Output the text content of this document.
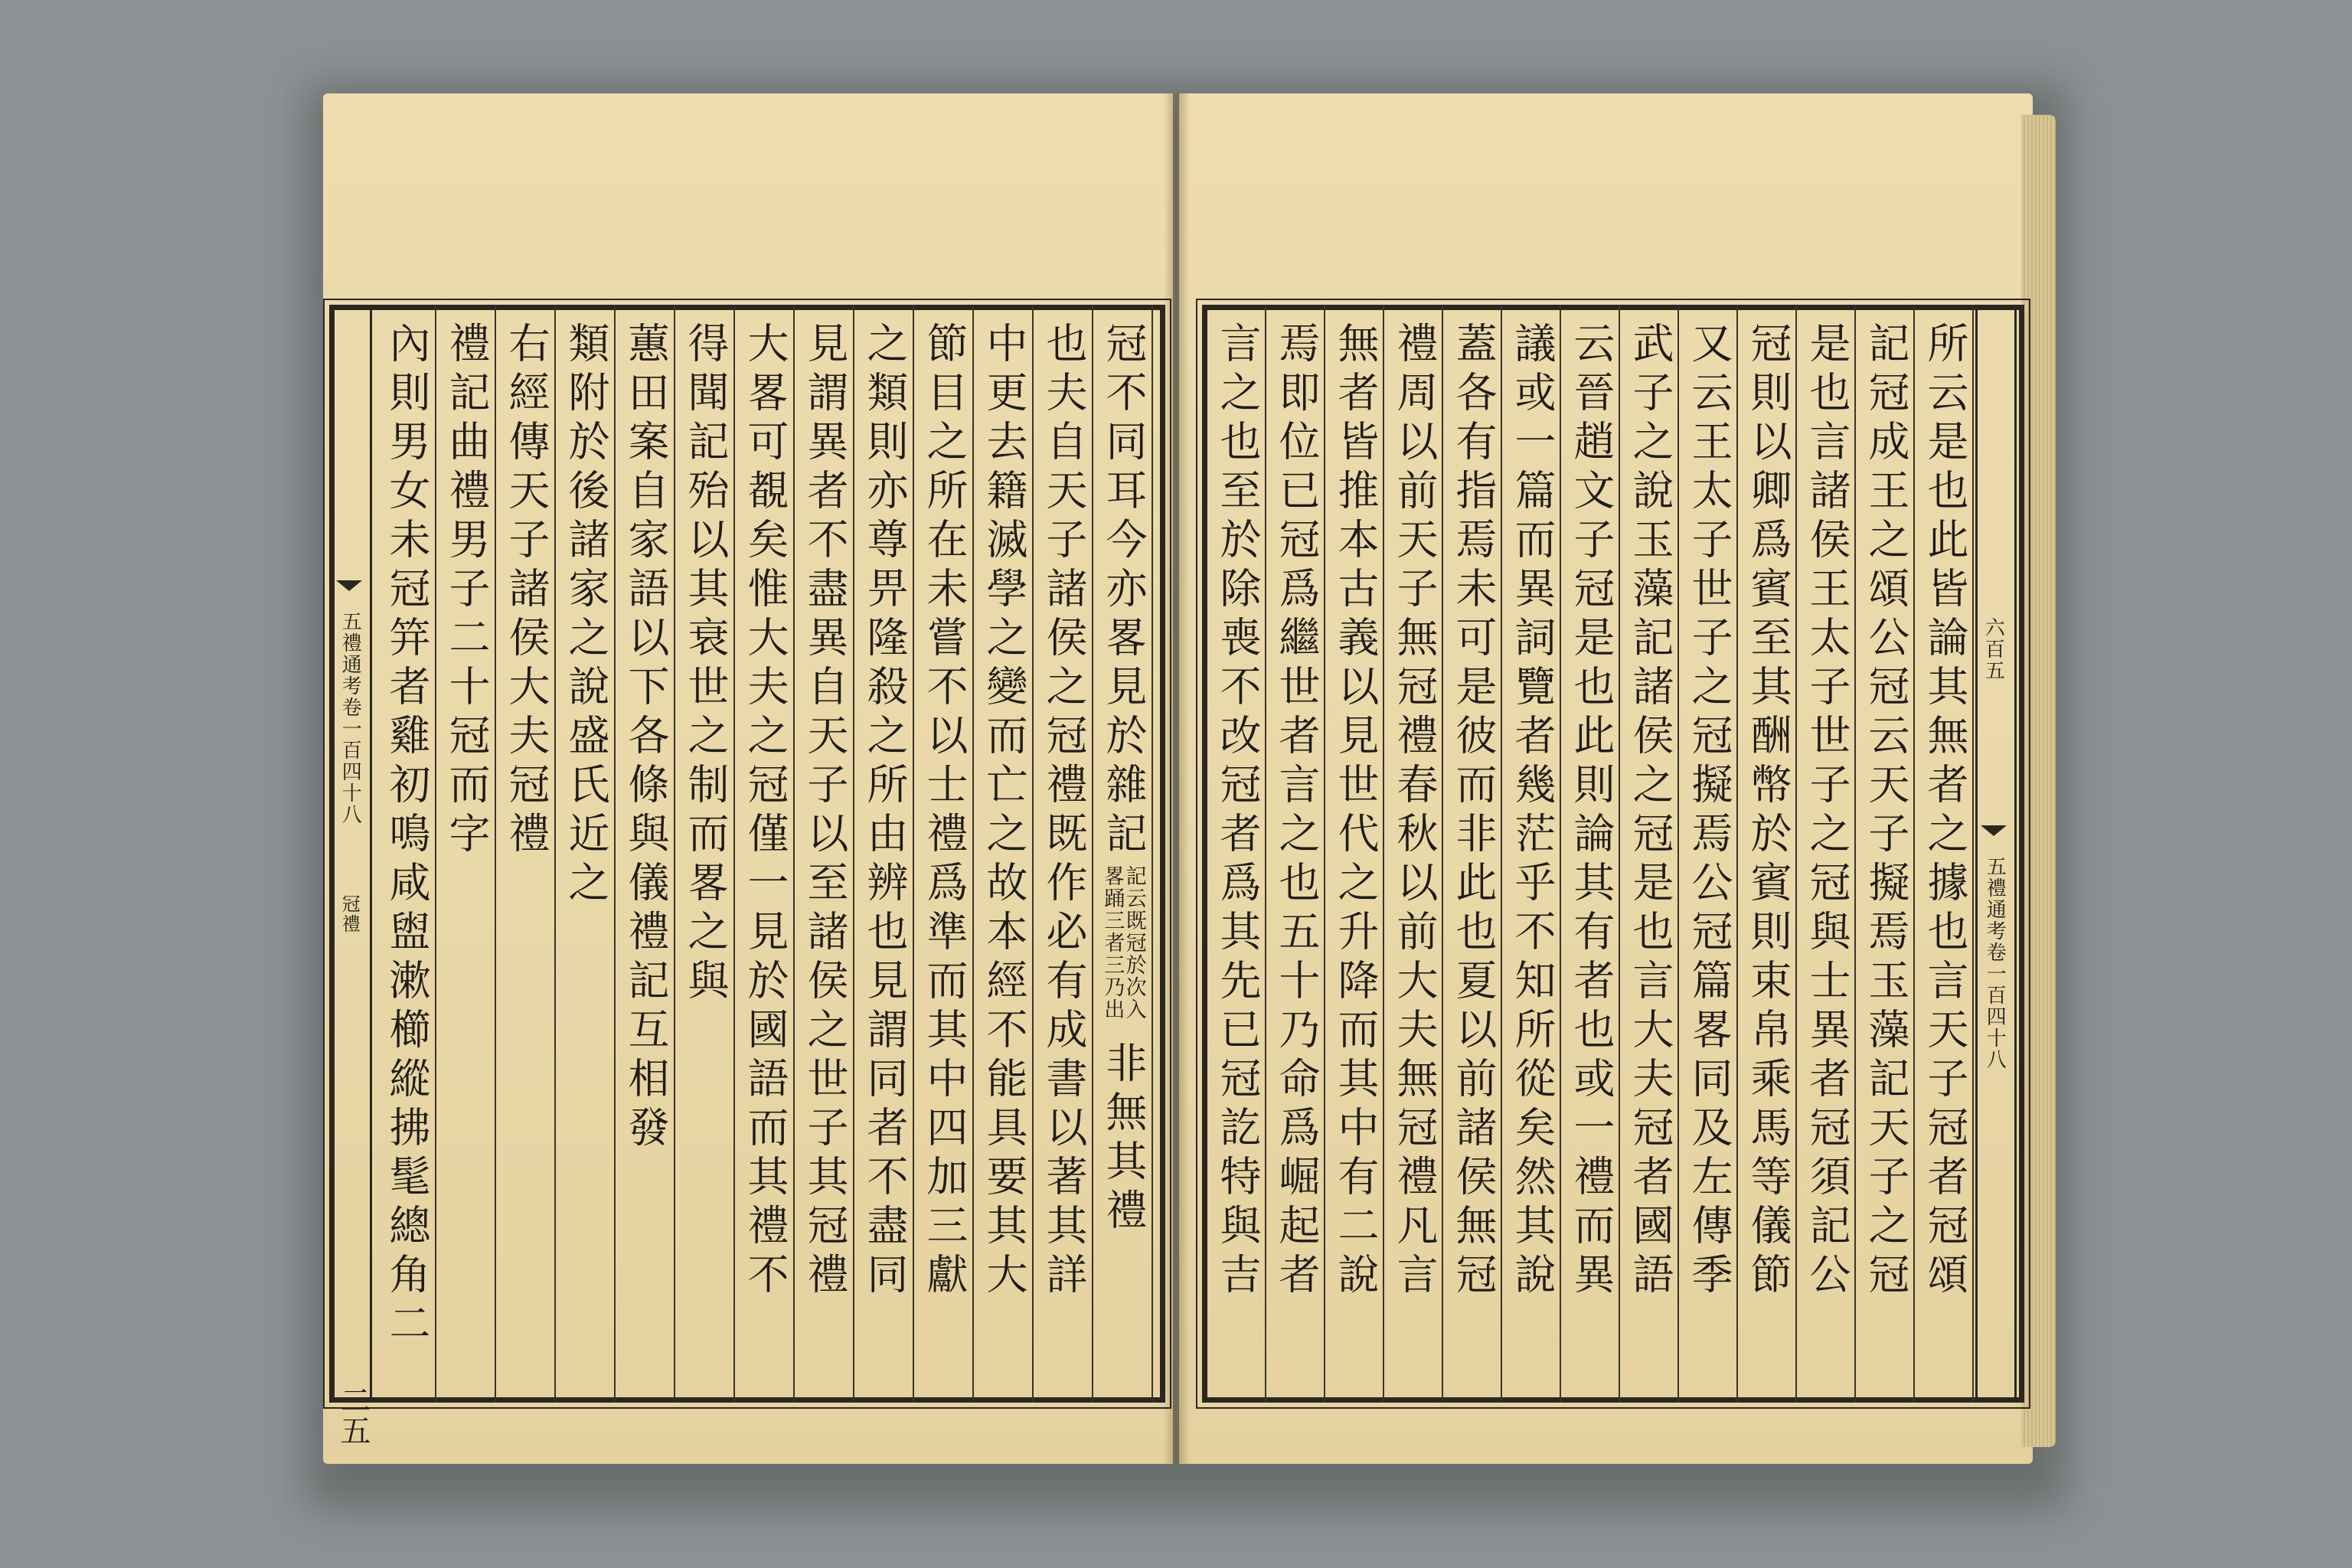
冠不同耳今亦畧見於雜記
記云既冠於次入 畧踊三者三乃出
非無其禮
也夫自天子諸侯之冠禮既作必有成書以著其詳
中更去籍滅學之變而亡之故本經不能具要其大
節目之所在未嘗不以士禮爲準而其中四加三獻
之類則亦尊畀隆殺之所由辨也見謂同者不盡同
見謂異者不盡異自天子以至諸侯之世子其冠禮
大畧可覩矣惟大夫之冠僅一見於國語而其禮不
得聞記殆以其衰世之制而畧之與
蕙田案自家語以下各條與儀禮記互相發
類附於後諸家之說盛氏近之
右經傳天子諸侯大夫冠禮
禮記曲禮男子二十冠而字
內則男女未冠笄者雞初鳴咸盥漱櫛縱拂髦總角二
五禮通考卷一百四十八
冠禮
二五
所云是也此皆論其無者之據也言天子冠者冠頌
記冠成王之頌公冠云天子擬焉玉藻記天子之冠
是也言諸侯王太子世子之冠與士異者冠須記公
冠則以卿爲賓至其酬幣於賓則束帛乘馬等儀節
又云王太子世子之冠擬焉公冠篇畧同及左傳季
武子之說玉藻記諸侯之冠是也言大夫冠者國語
云晉趙文子冠是也此則論其有者也或一禮而異
議或一篇而異詞覽者幾茫乎不知所從矣然其說
蓋各有指焉未可是彼而非此也夏以前諸侯無冠
禮周以前天子無冠禮春秋以前大夫無冠禮凡言
無者皆推本古義以見世代之升降而其中有二說
焉即位已冠爲繼世者言之也五十乃命爲崛起者
言之也至於除喪不改冠者爲其先已冠訖特與吉	六百五
五禮通考卷一百四十八
